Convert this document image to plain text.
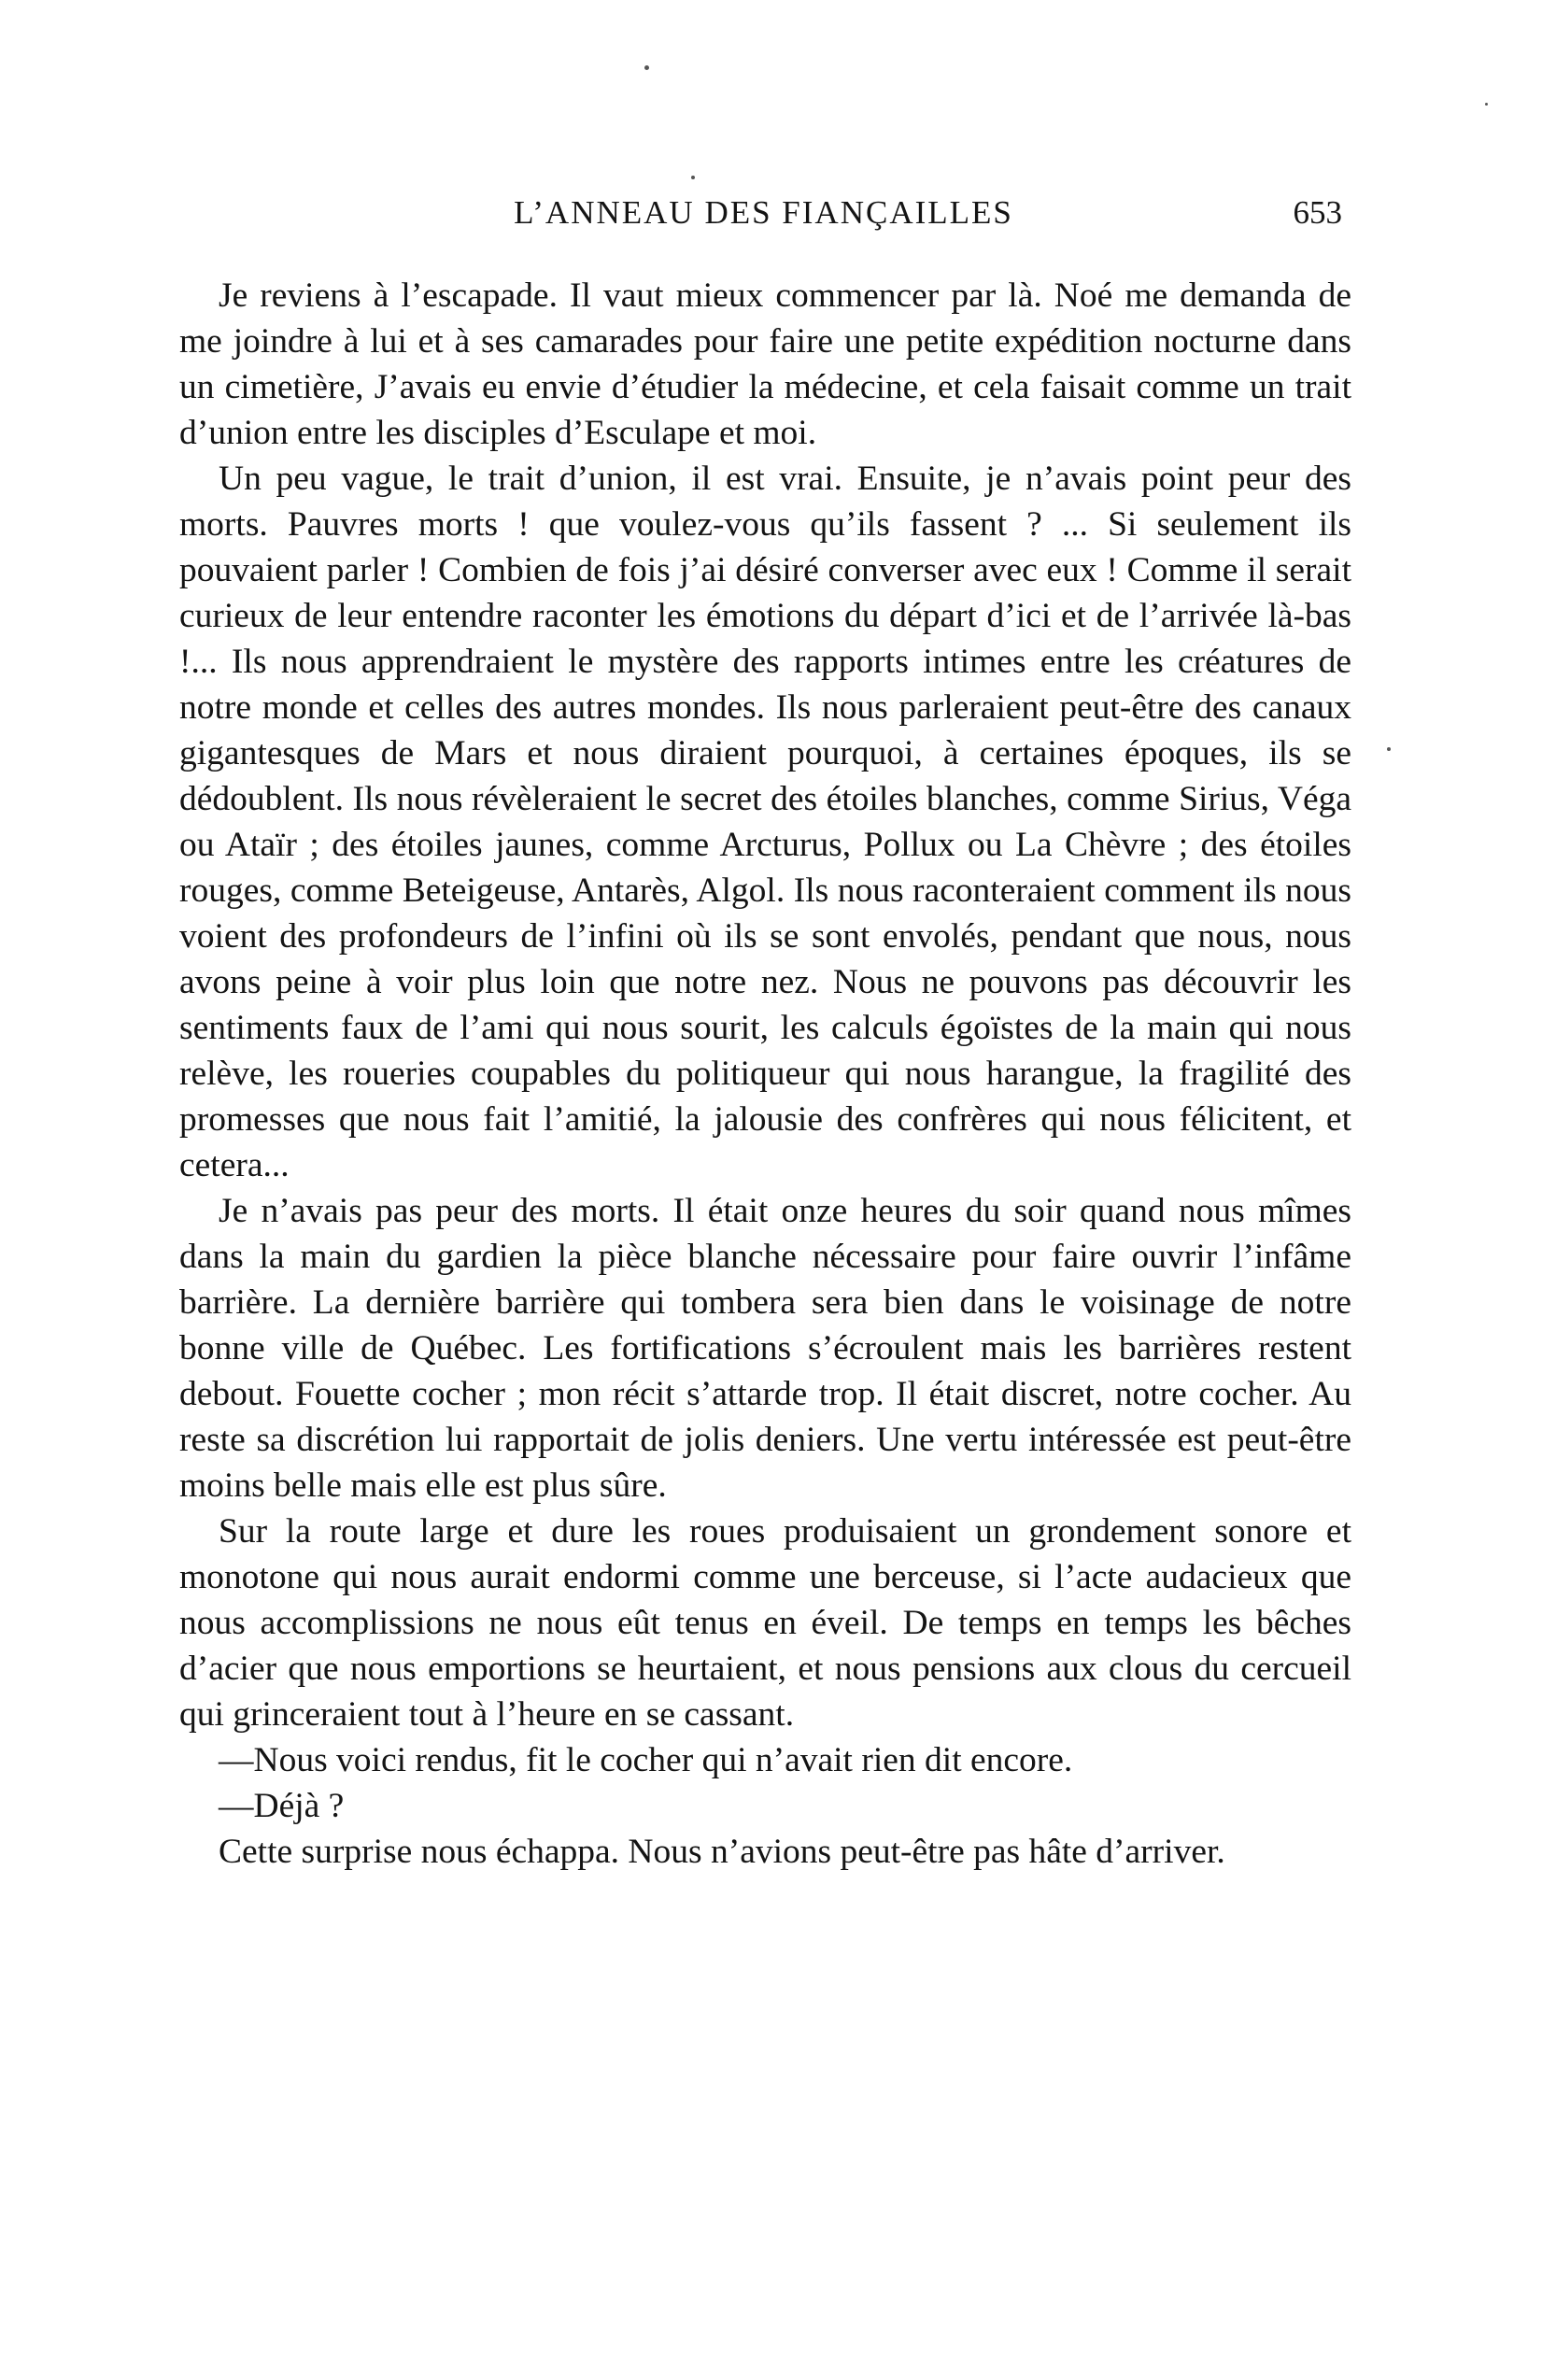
L’ANNEAU DES FIANÇAILLES	653

Je reviens à l’escapade. Il vaut mieux commencer par là. Noé me demanda de me joindre à lui et à ses camarades pour faire une petite expédition nocturne dans un cimetière, J’avais eu envie d’étudier la médecine, et cela faisait comme un trait d’union entre les disciples d’Esculape et moi.

Un peu vague, le trait d’union, il est vrai. Ensuite, je n’avais point peur des morts. Pauvres morts ! que voulez-vous qu’ils fassent ? ... Si seulement ils pouvaient parler ! Combien de fois j’ai désiré converser avec eux ! Comme il serait curieux de leur entendre raconter les émotions du départ d’ici et de l’arrivée là-bas !... Ils nous apprendraient le mystère des rapports intimes entre les créatures de notre monde et celles des autres mondes. Ils nous parleraient peut-être des canaux gigantesques de Mars et nous diraient pourquoi, à certaines époques, ils se dédoublent. Ils nous révèleraient le secret des étoiles blanches, comme Sirius, Véga ou Ataïr ; des étoiles jaunes, comme Arcturus, Pollux ou La Chèvre ; des étoiles rouges, comme Beteigeuse, Antarès, Algol. Ils nous raconteraient comment ils nous voient des profondeurs de l’infini où ils se sont envolés, pendant que nous, nous avons peine à voir plus loin que notre nez. Nous ne pouvons pas découvrir les sentiments faux de l’ami qui nous sourit, les calculs égoïstes de la main qui nous relève, les roueries coupables du politiqueur qui nous harangue, la fragilité des promesses que nous fait l’amitié, la jalousie des confrères qui nous félicitent, et cetera...

Je n’avais pas peur des morts. Il était onze heures du soir quand nous mîmes dans la main du gardien la pièce blanche nécessaire pour faire ouvrir l’infâme barrière. La dernière barrière qui tombera sera bien dans le voisinage de notre bonne ville de Québec. Les fortifications s’écroulent mais les barrières restent debout. Fouette cocher ; mon récit s’attarde trop. Il était discret, notre cocher. Au reste sa discrétion lui rapportait de jolis deniers. Une vertu intéressée est peut-être moins belle mais elle est plus sûre.

Sur la route large et dure les roues produisaient un grondement sonore et monotone qui nous aurait endormi comme une berceuse, si l’acte audacieux que nous accomplissions ne nous eût tenus en éveil. De temps en temps les bêches d’acier que nous emportions se heurtaient, et nous pensions aux clous du cercueil qui grinceraient tout à l’heure en se cassant.

—Nous voici rendus, fit le cocher qui n’avait rien dit encore.

—Déjà ?

Cette surprise nous échappa. Nous n’avions peut-être pas hâte d’arriver.
